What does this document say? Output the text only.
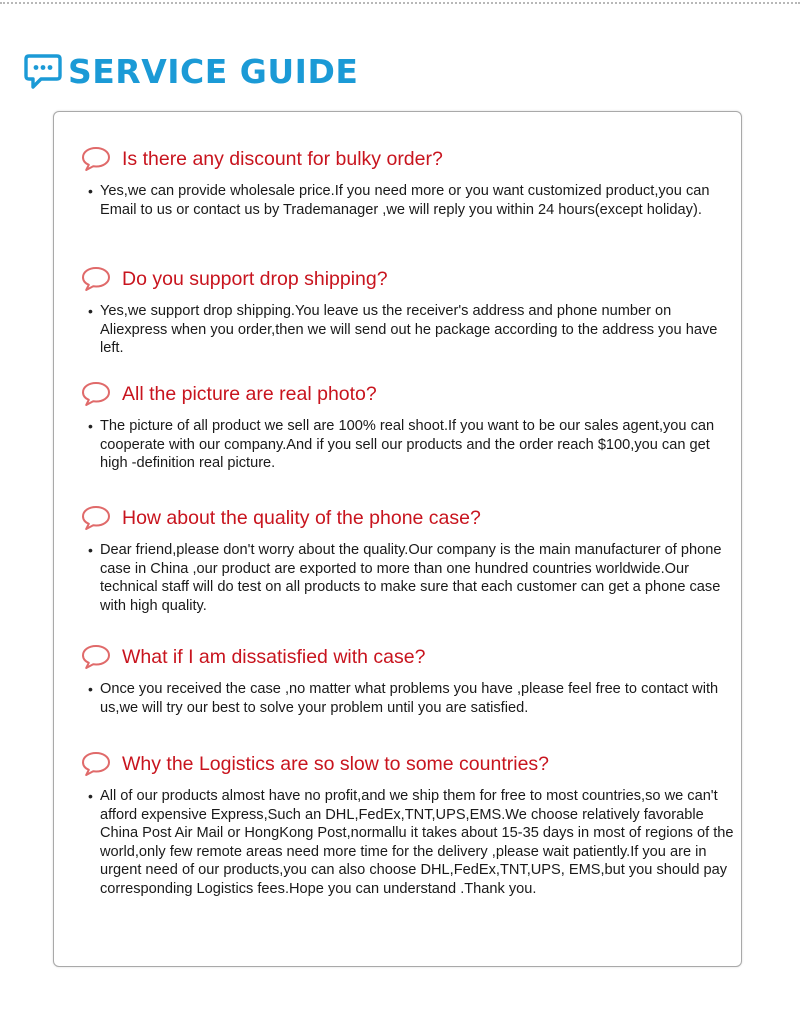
SERVICE GUIDE
Is there any discount for bulky order?
• Yes,we can provide wholesale price.If you need more or you want customized product,you can Email to us or contact us by Trademanager ,we will reply you within 24 hours(except holiday).
Do you support drop shipping?
• Yes,we support drop shipping.You leave us the receiver's address and phone number on Aliexpress when you order,then we will send out he package according to the address you have left.
All the picture are real photo?
• The picture of all product we sell are 100% real shoot.If you want to be our sales agent,you can cooperate with our company.And if you sell our products and the order reach $100,you can get high -definition real picture.
How about the quality of the phone case?
• Dear friend,please don't worry about the quality.Our company is the main manufacturer of phone case in China ,our product are exported to more than one hundred countries worldwide.Our technical staff will do test on all products to make sure that each customer can get a phone case with high quality.
What if I am dissatisfied with case?
• Once you received the case ,no matter what problems you have ,please feel free to contact with us,we will try our best to solve your problem until you are satisfied.
Why the Logistics are so slow to some countries?
• All of our products almost have no profit,and we ship them for free to most countries,so we can't afford expensive Express,Such an DHL,FedEx,TNT,UPS,EMS.We choose relatively favorable China Post Air Mail or HongKong Post,normallu it takes about 15-35 days in most of regions of the world,only few remote areas need more time for the delivery ,please wait patiently.If you are in urgent need of our products,you can also choose DHL,FedEx,TNT,UPS, EMS,but you should pay corresponding Logistics fees.Hope you can understand .Thank you.
